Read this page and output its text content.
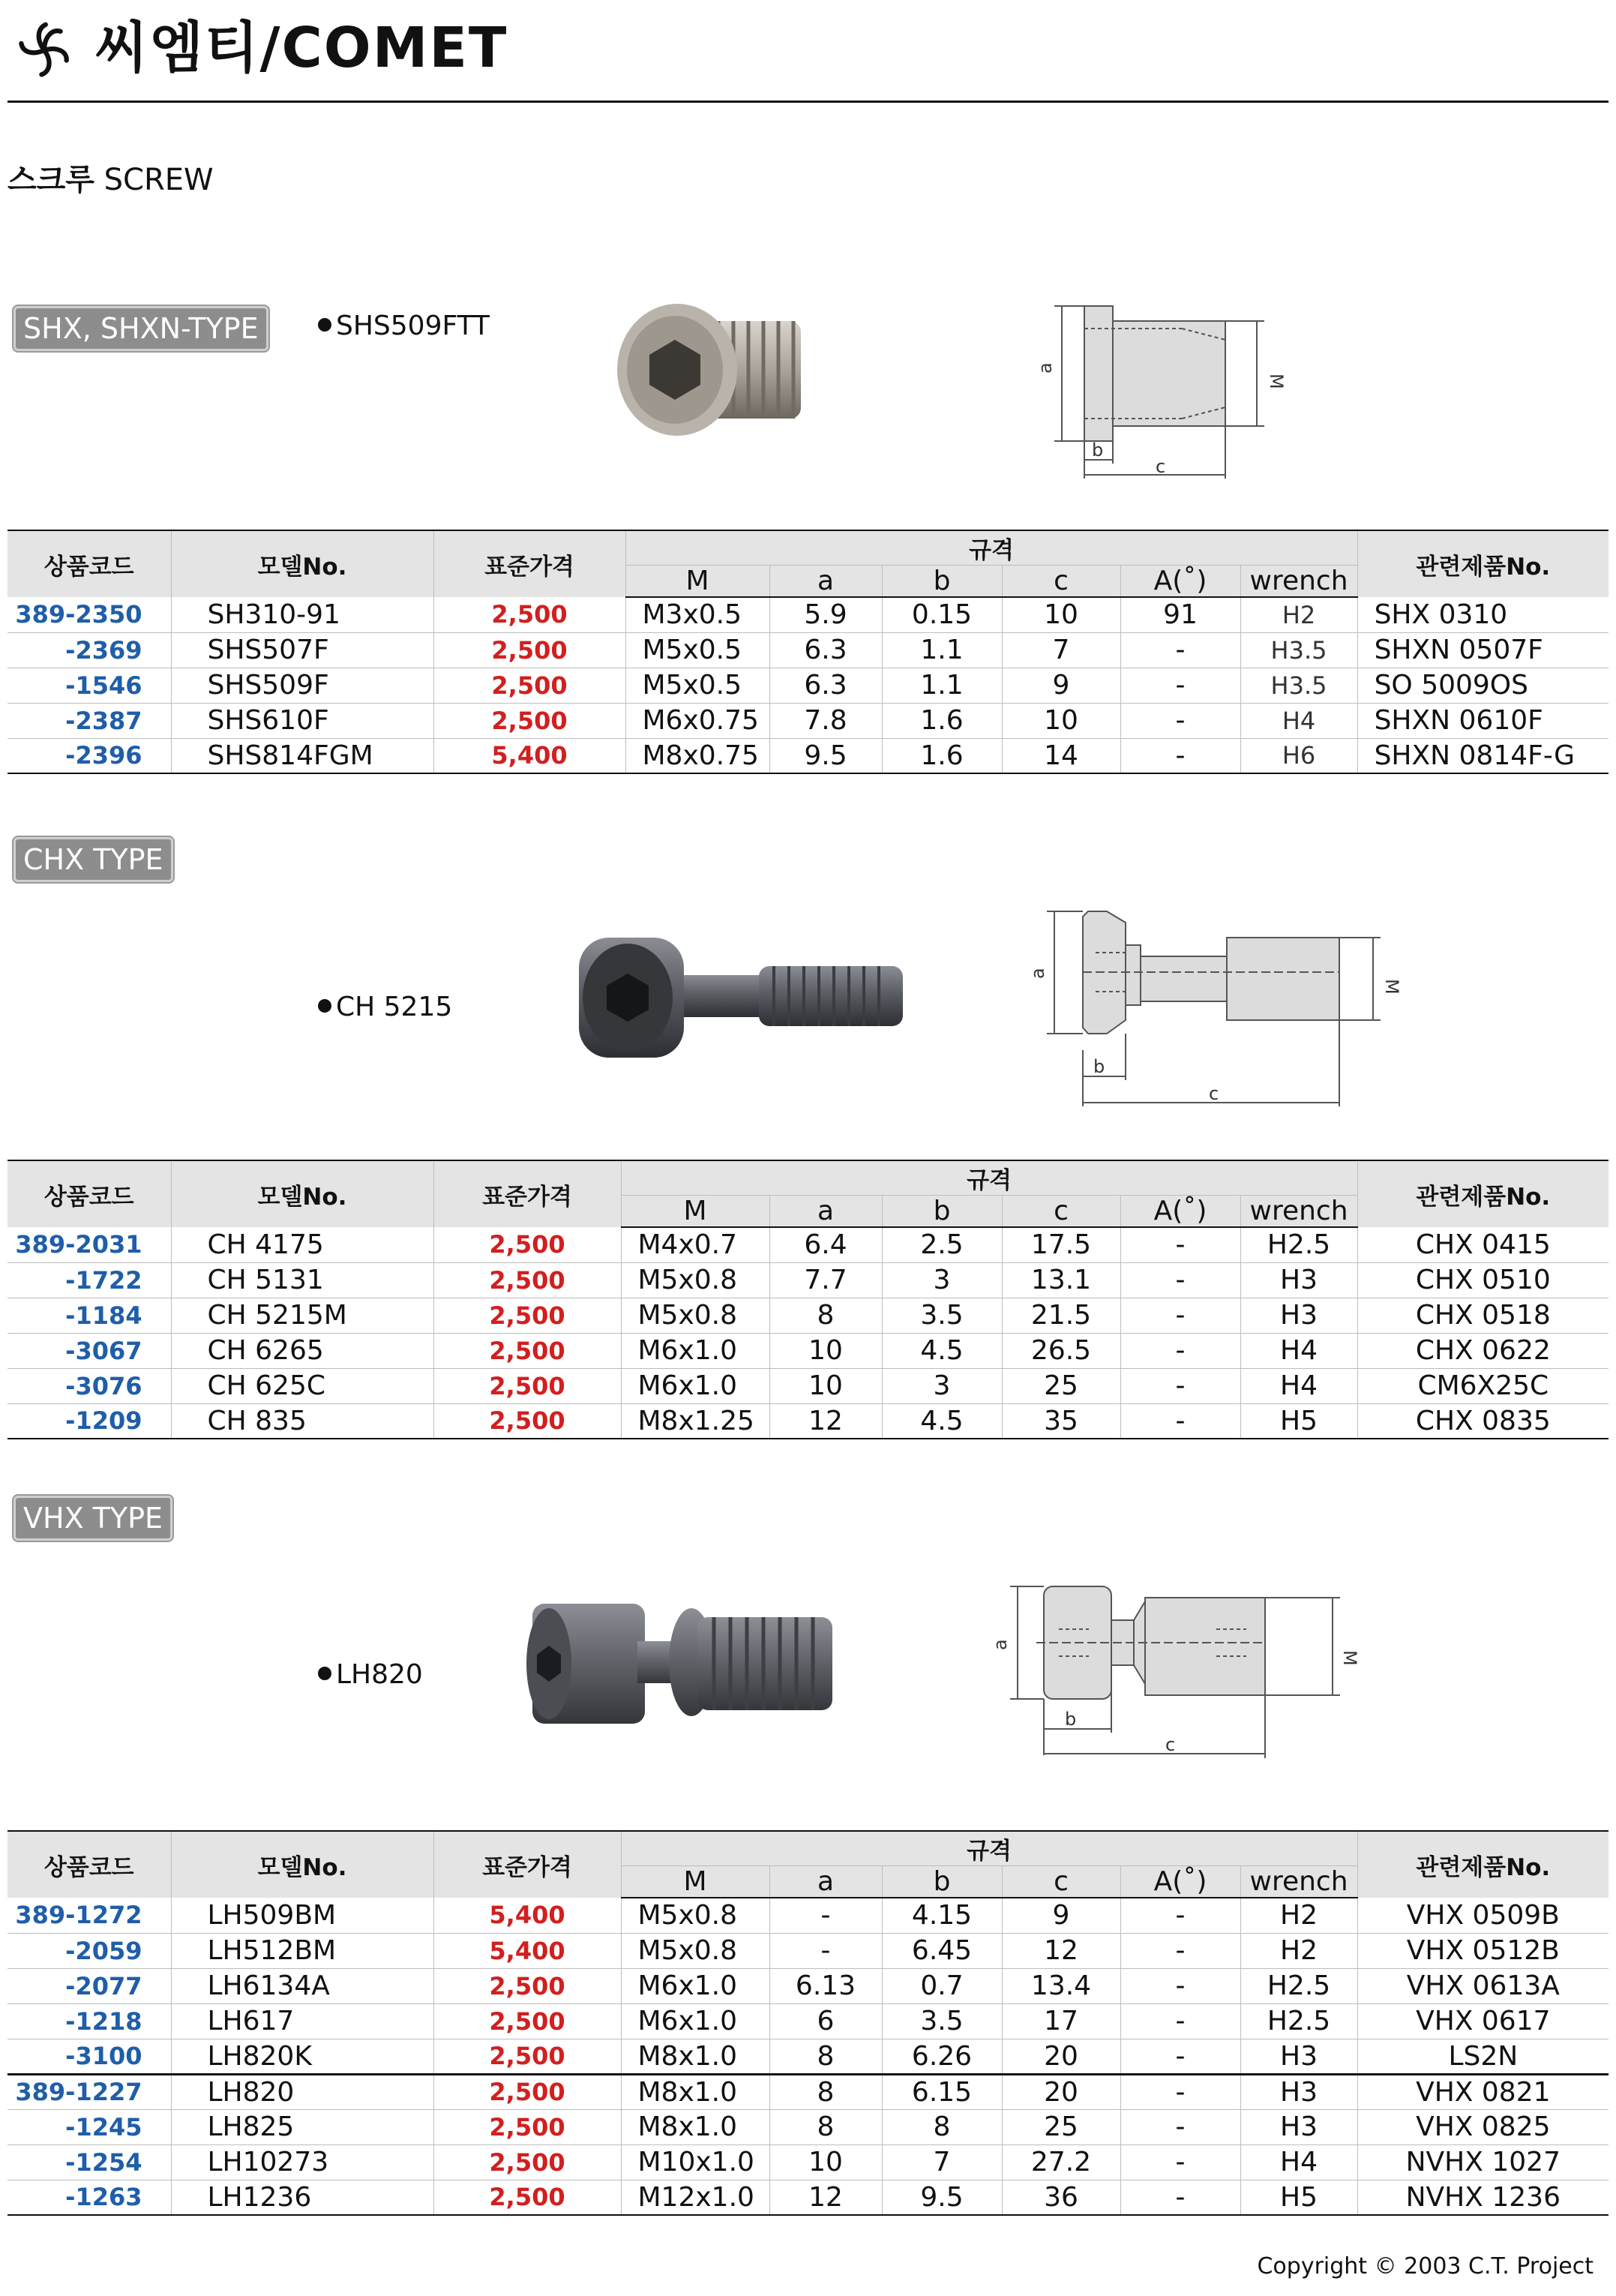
씨엠티/COMET
스크루 SCREW
SHX, SHXN-TYPE	SHS509FTT
a
M
b
c
상품코드	모델No.	표준가격	규격						관련제품No.
			M	a	b	c	A(˚)	wrench	
389-2350	SH310-91	2,500	M3x0.5	5.9	0.15	10	91	H2	SHX 0310
-2369	SHS507F	2,500	M5x0.5	6.3	1.1	7	-	H3.5	SHXN 0507F
-1546	SHS509F	2,500	M5x0.5	6.3	1.1	9	-	H3.5	SO 5009OS
-2387	SHS610F	2,500	M6x0.75	7.8	1.6	10	-	H4	SHXN 0610F
-2396	SHS814FGM	5,400	M8x0.75	9.5	1.6	14	-	H6	SHXN 0814F-G
CHX TYPE
CH 5215
a
M
b
c
상품코드	모델No.	표준가격	규격						관련제품No.
			M	a	b	c	A(˚)	wrench	
389-2031	CH 4175	2,500	M4x0.7	6.4	2.5	17.5	-	H2.5	CHX 0415
-1722	CH 5131	2,500	M5x0.8	7.7	3	13.1	-	H3	CHX 0510
-1184	CH 5215M	2,500	M5x0.8	8	3.5	21.5	-	H3	CHX 0518
-3067	CH 6265	2,500	M6x1.0	10	4.5	26.5	-	H4	CHX 0622
-3076	CH 625C	2,500	M6x1.0	10	3	25	-	H4	CM6X25C
-1209	CH 835	2,500	M8x1.25	12	4.5	35	-	H5	CHX 0835
VHX TYPE
LH820
a
M
b
c
상품코드	모델No.	표준가격	규격						관련제품No.
			M	a	b	c	A(˚)	wrench	
389-1272	LH509BM	5,400	M5x0.8	-	4.15	9	-	H2	VHX 0509B
-2059	LH512BM	5,400	M5x0.8	-	6.45	12	-	H2	VHX 0512B
-2077	LH6134A	2,500	M6x1.0	6.13	0.7	13.4	-	H2.5	VHX 0613A
-1218	LH617	2,500	M6x1.0	6	3.5	17	-	H2.5	VHX 0617
-3100	LH820K	2,500	M8x1.0	8	6.26	20	-	H3	LS2N
389-1227	LH820	2,500	M8x1.0	8	6.15	20	-	H3	VHX 0821
-1245	LH825	2,500	M8x1.0	8	8	25	-	H3	VHX 0825
-1254	LH10273	2,500	M10x1.0	10	7	27.2	-	H4	NVHX 1027
-1263	LH1236	2,500	M12x1.0	12	9.5	36	-	H5	NVHX 1236
Copyright © 2003 C.T. Project
